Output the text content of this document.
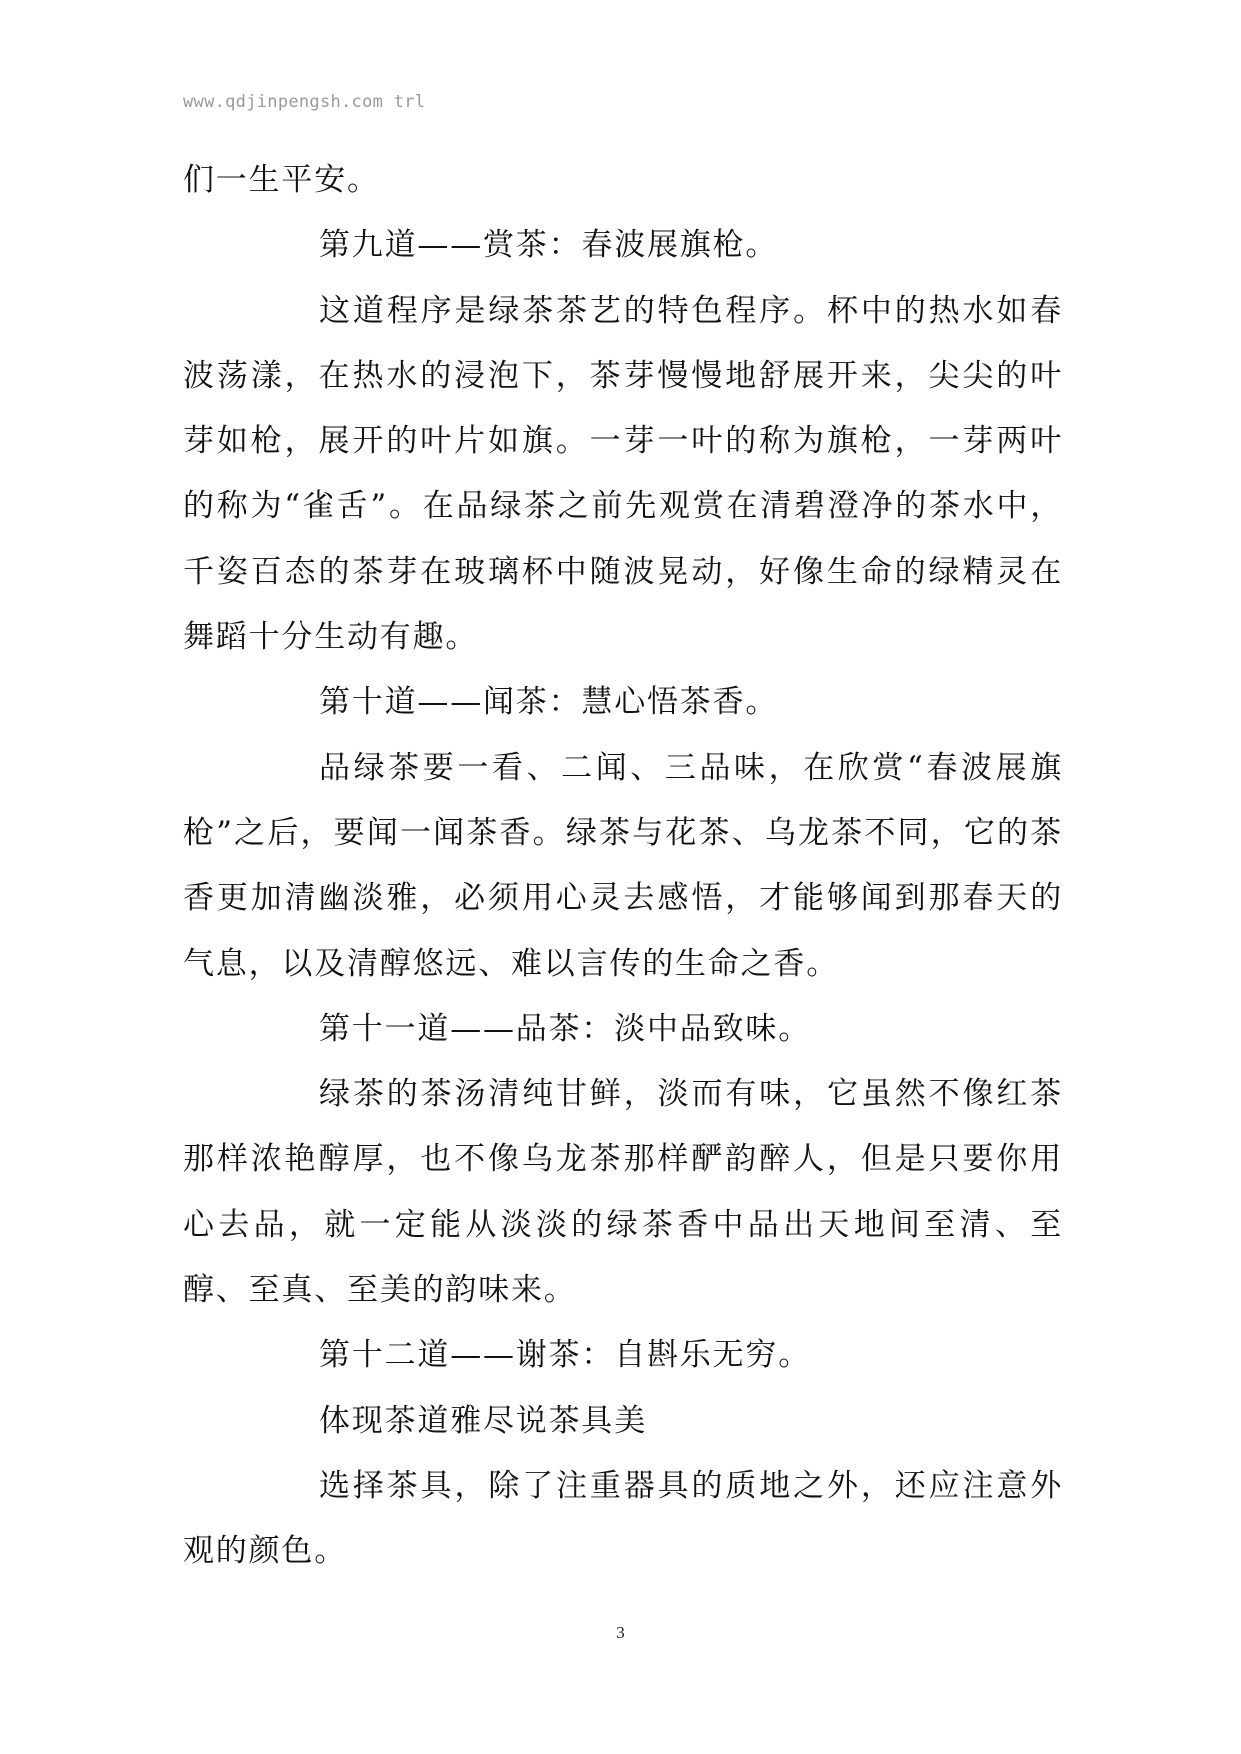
www.qdjinpengsh.com trl

们一生平安。

第九道——赏茶：春波展旗枪。

这道程序是绿茶茶艺的特色程序。杯中的热水如春波荡漾，在热水的浸泡下，茶芽慢慢地舒展开来，尖尖的叶芽如枪，展开的叶片如旗。一芽一叶的称为旗枪，一芽两叶的称为“雀舌”。在品绿茶之前先观赏在清碧澄净的茶水中，千姿百态的茶芽在玻璃杯中随波晃动，好像生命的绿精灵在舞蹈十分生动有趣。

第十道——闻茶：慧心悟茶香。

品绿茶要一看、二闻、三品味，在欣赏“春波展旗枪”之后，要闻一闻茶香。绿茶与花茶、乌龙茶不同，它的茶香更加清幽淡雅，必须用心灵去感悟，才能够闻到那春天的气息，以及清醇悠远、难以言传的生命之香。

第十一道——品茶：淡中品致味。

绿茶的茶汤清纯甘鲜，淡而有味，它虽然不像红茶那样浓艳醇厚，也不像乌龙茶那样酽韵醉人，但是只要你用心去品，就一定能从淡淡的绿茶香中品出天地间至清、至醇、至真、至美的韵味来。

第十二道——谢茶：自斟乐无穷。

体现茶道雅尽说茶具美

选择茶具，除了注重器具的质地之外，还应注意外观的颜色。

3
